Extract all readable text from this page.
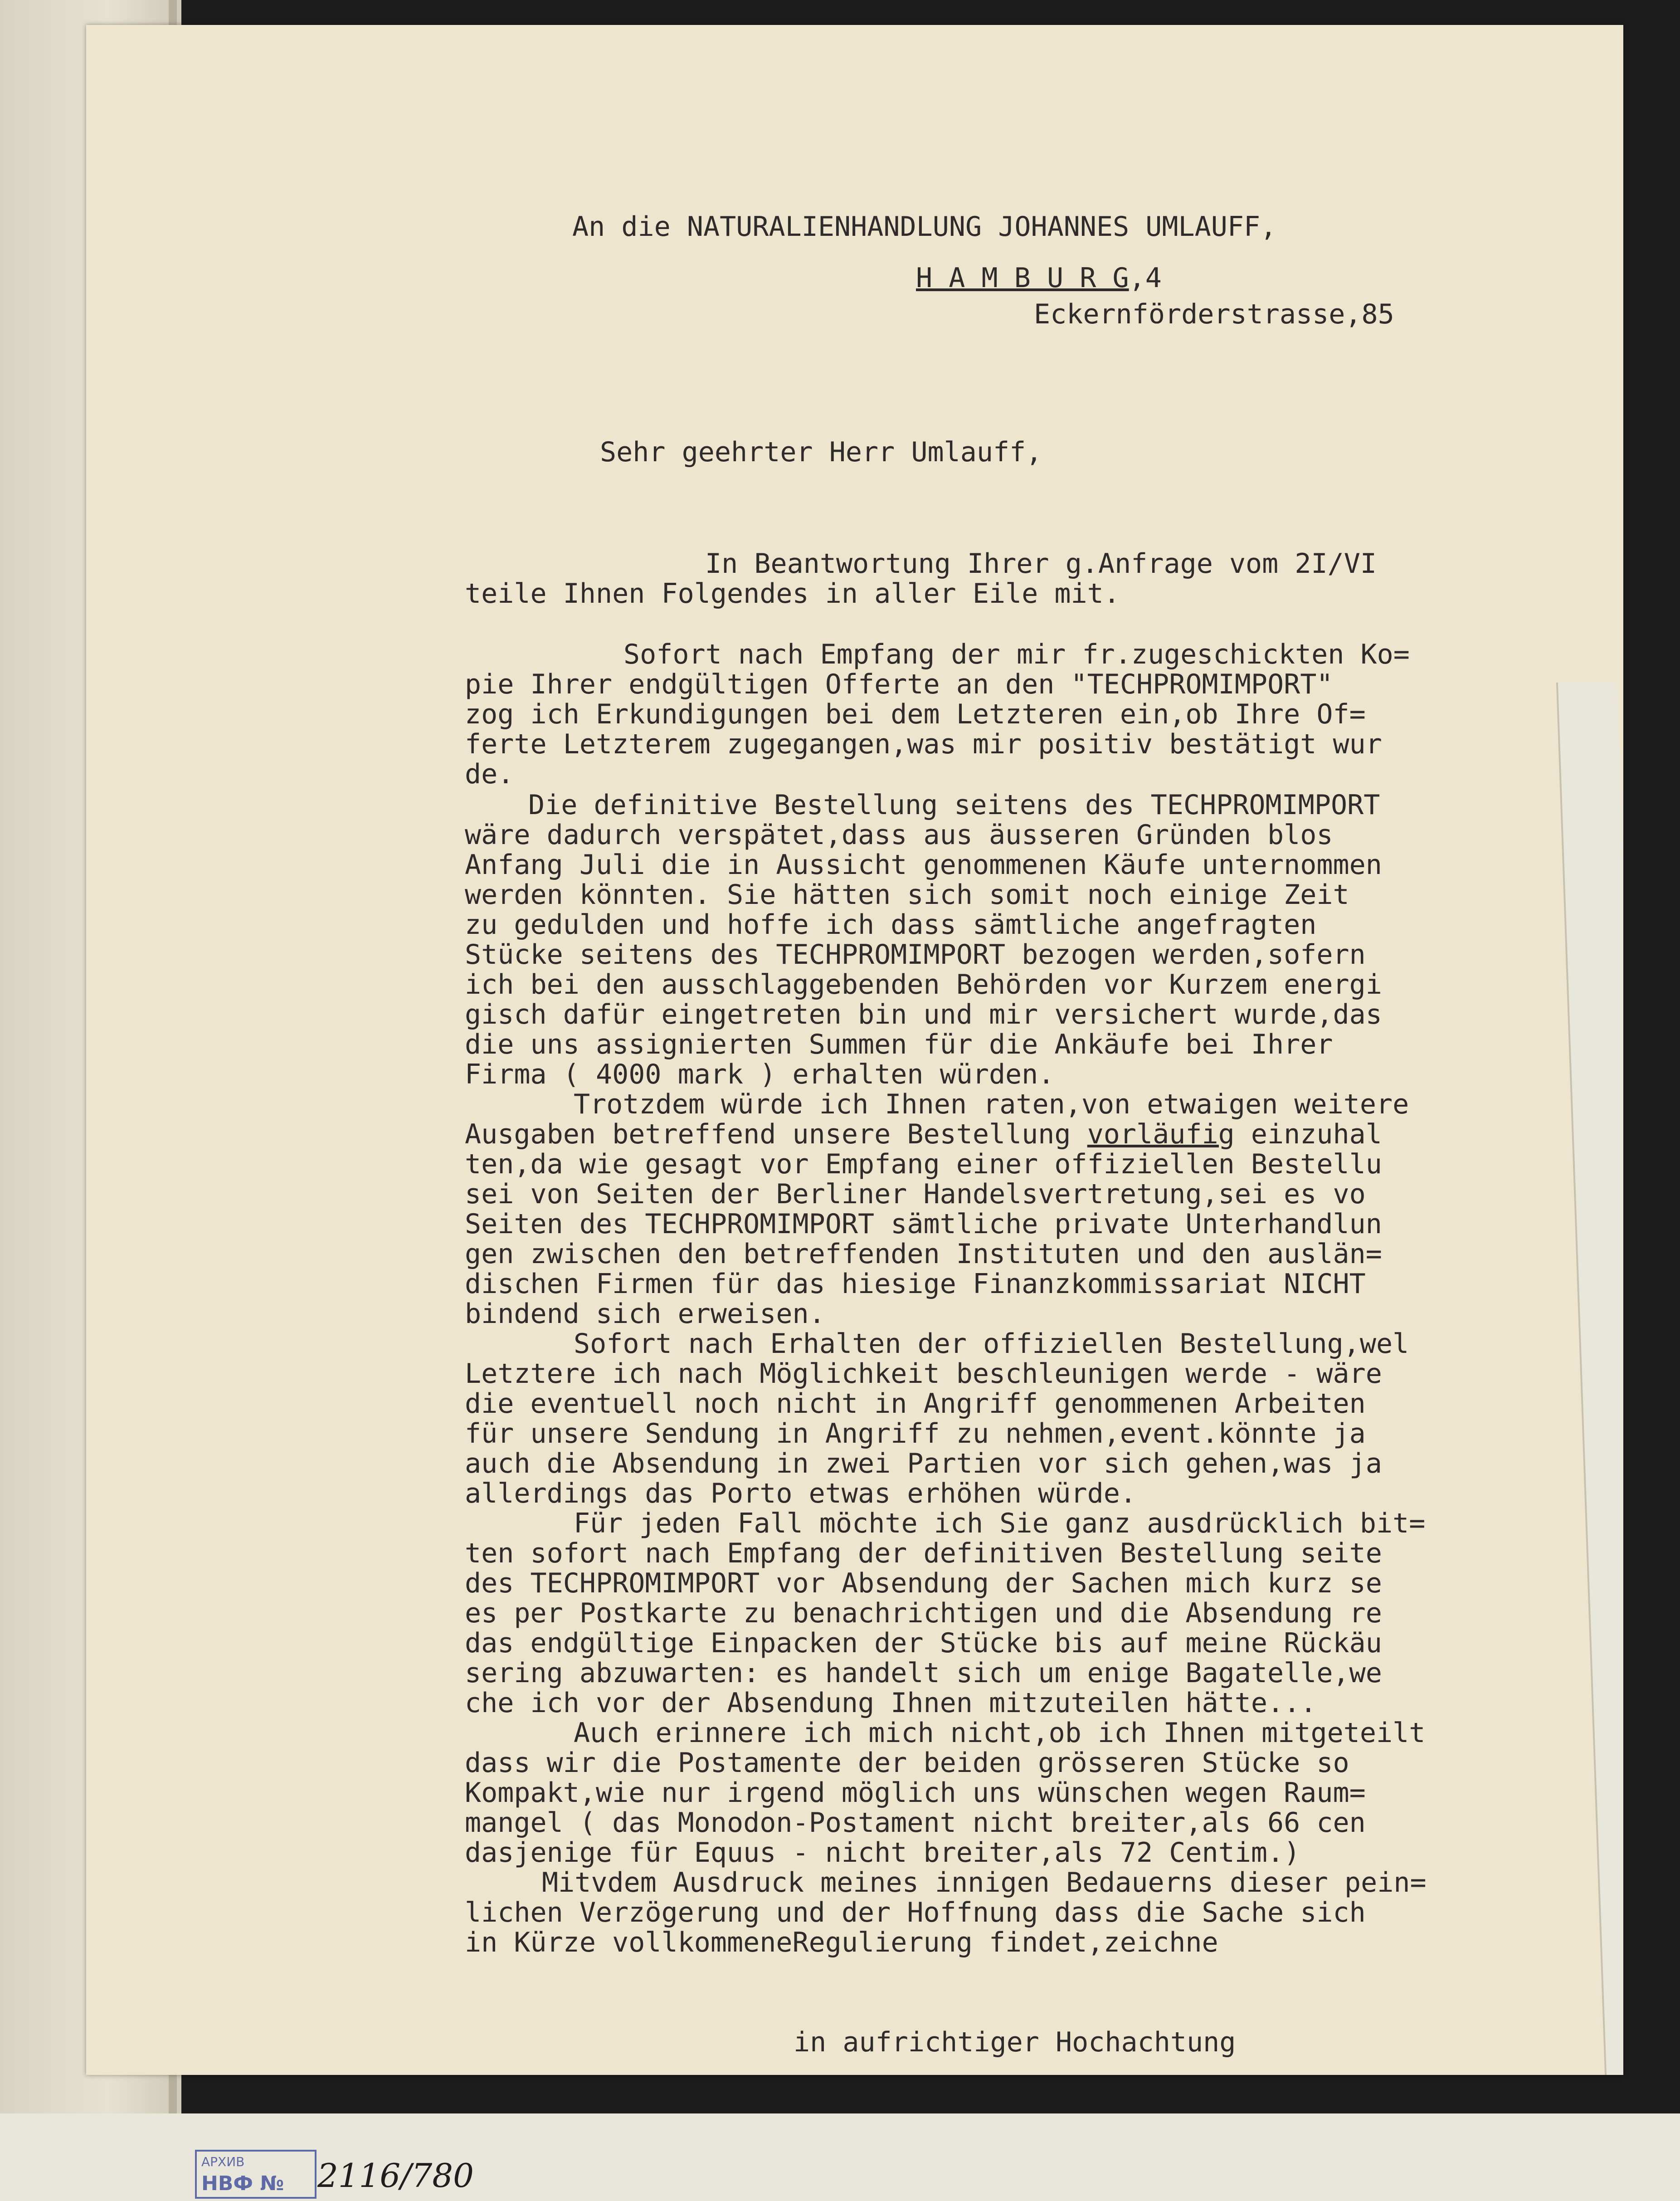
An die NATURALIENHANDLUNG JOHANNES UMLAUFF,
H A M B U R G,4
Eckernförderstrasse,85
Sehr geehrter Herr Umlauff,
In Beantwortung Ihrer g.Anfrage vom 2I/VI
teile Ihnen Folgendes in aller Eile mit.
Sofort nach Empfang der mir fr.zugeschickten Ko=
pie Ihrer endgültigen Offerte an den "TECHPROMIMPORT"
zog ich Erkundigungen bei dem Letzteren ein,ob Ihre Of=
ferte Letzterem zugegangen,was mir positiv bestätigt wur
de.
Die definitive Bestellung seitens des TECHPROMIMPORT
wäre dadurch verspätet,dass aus äusseren Gründen blos
Anfang Juli die in Aussicht genommenen Käufe unternommen
werden könnten. Sie hätten sich somit noch einige Zeit
zu gedulden und hoffe ich dass sämtliche angefragten
Stücke seitens des TECHPROMIMPORT bezogen werden,sofern
ich bei den ausschlaggebenden Behörden vor Kurzem energi
gisch dafür eingetreten bin und mir versichert wurde,das
die uns assignierten Summen für die Ankäufe bei Ihrer
Firma ( 4000 mark ) erhalten würden.
Trotzdem würde ich Ihnen raten,von etwaigen weitere
Ausgaben betreffend unsere Bestellung vorläufig einzuhal
ten,da wie gesagt vor Empfang einer offiziellen Bestellu
sei von Seiten der Berliner Handelsvertretung,sei es vo
Seiten des TECHPROMIMPORT sämtliche private Unterhandlun
gen zwischen den betreffenden Instituten und den auslän=
dischen Firmen für das hiesige Finanzkommissariat NICHT
bindend sich erweisen.
Sofort nach Erhalten der offiziellen Bestellung,wel
Letztere ich nach Möglichkeit beschleunigen werde - wäre
die eventuell noch nicht in Angriff genommenen Arbeiten
für unsere Sendung in Angriff zu nehmen,event.könnte ja
auch die Absendung in zwei Partien vor sich gehen,was ja
allerdings das Porto etwas erhöhen würde.
Für jeden Fall möchte ich Sie ganz ausdrücklich bit=
ten sofort nach Empfang der definitiven Bestellung seite
des TECHPROMIMPORT vor Absendung der Sachen mich kurz se
es per Postkarte zu benachrichtigen und die Absendung re
das endgültige Einpacken der Stücke bis auf meine Rückäu
sering abzuwarten: es handelt sich um enige Bagatelle,we
che ich vor der Absendung Ihnen mitzuteilen hätte...
Auch erinnere ich mich nicht,ob ich Ihnen mitgeteilt
dass wir die Postamente der beiden grösseren Stücke so
Kompakt,wie nur irgend möglich uns wünschen wegen Raum=
mangel ( das Monodon-Postament nicht breiter,als 66 cen
dasjenige für Equus - nicht breiter,als 72 Centim.)
Mitvdem Ausdruck meines innigen Bedauerns dieser pein=
lichen Verzögerung und der Hoffnung dass die Sache sich
in Kürze vollkommeneRegulierung findet,zeichne
in aufrichtiger Hochachtung
АРХИВ
НВФ № 2116/780
